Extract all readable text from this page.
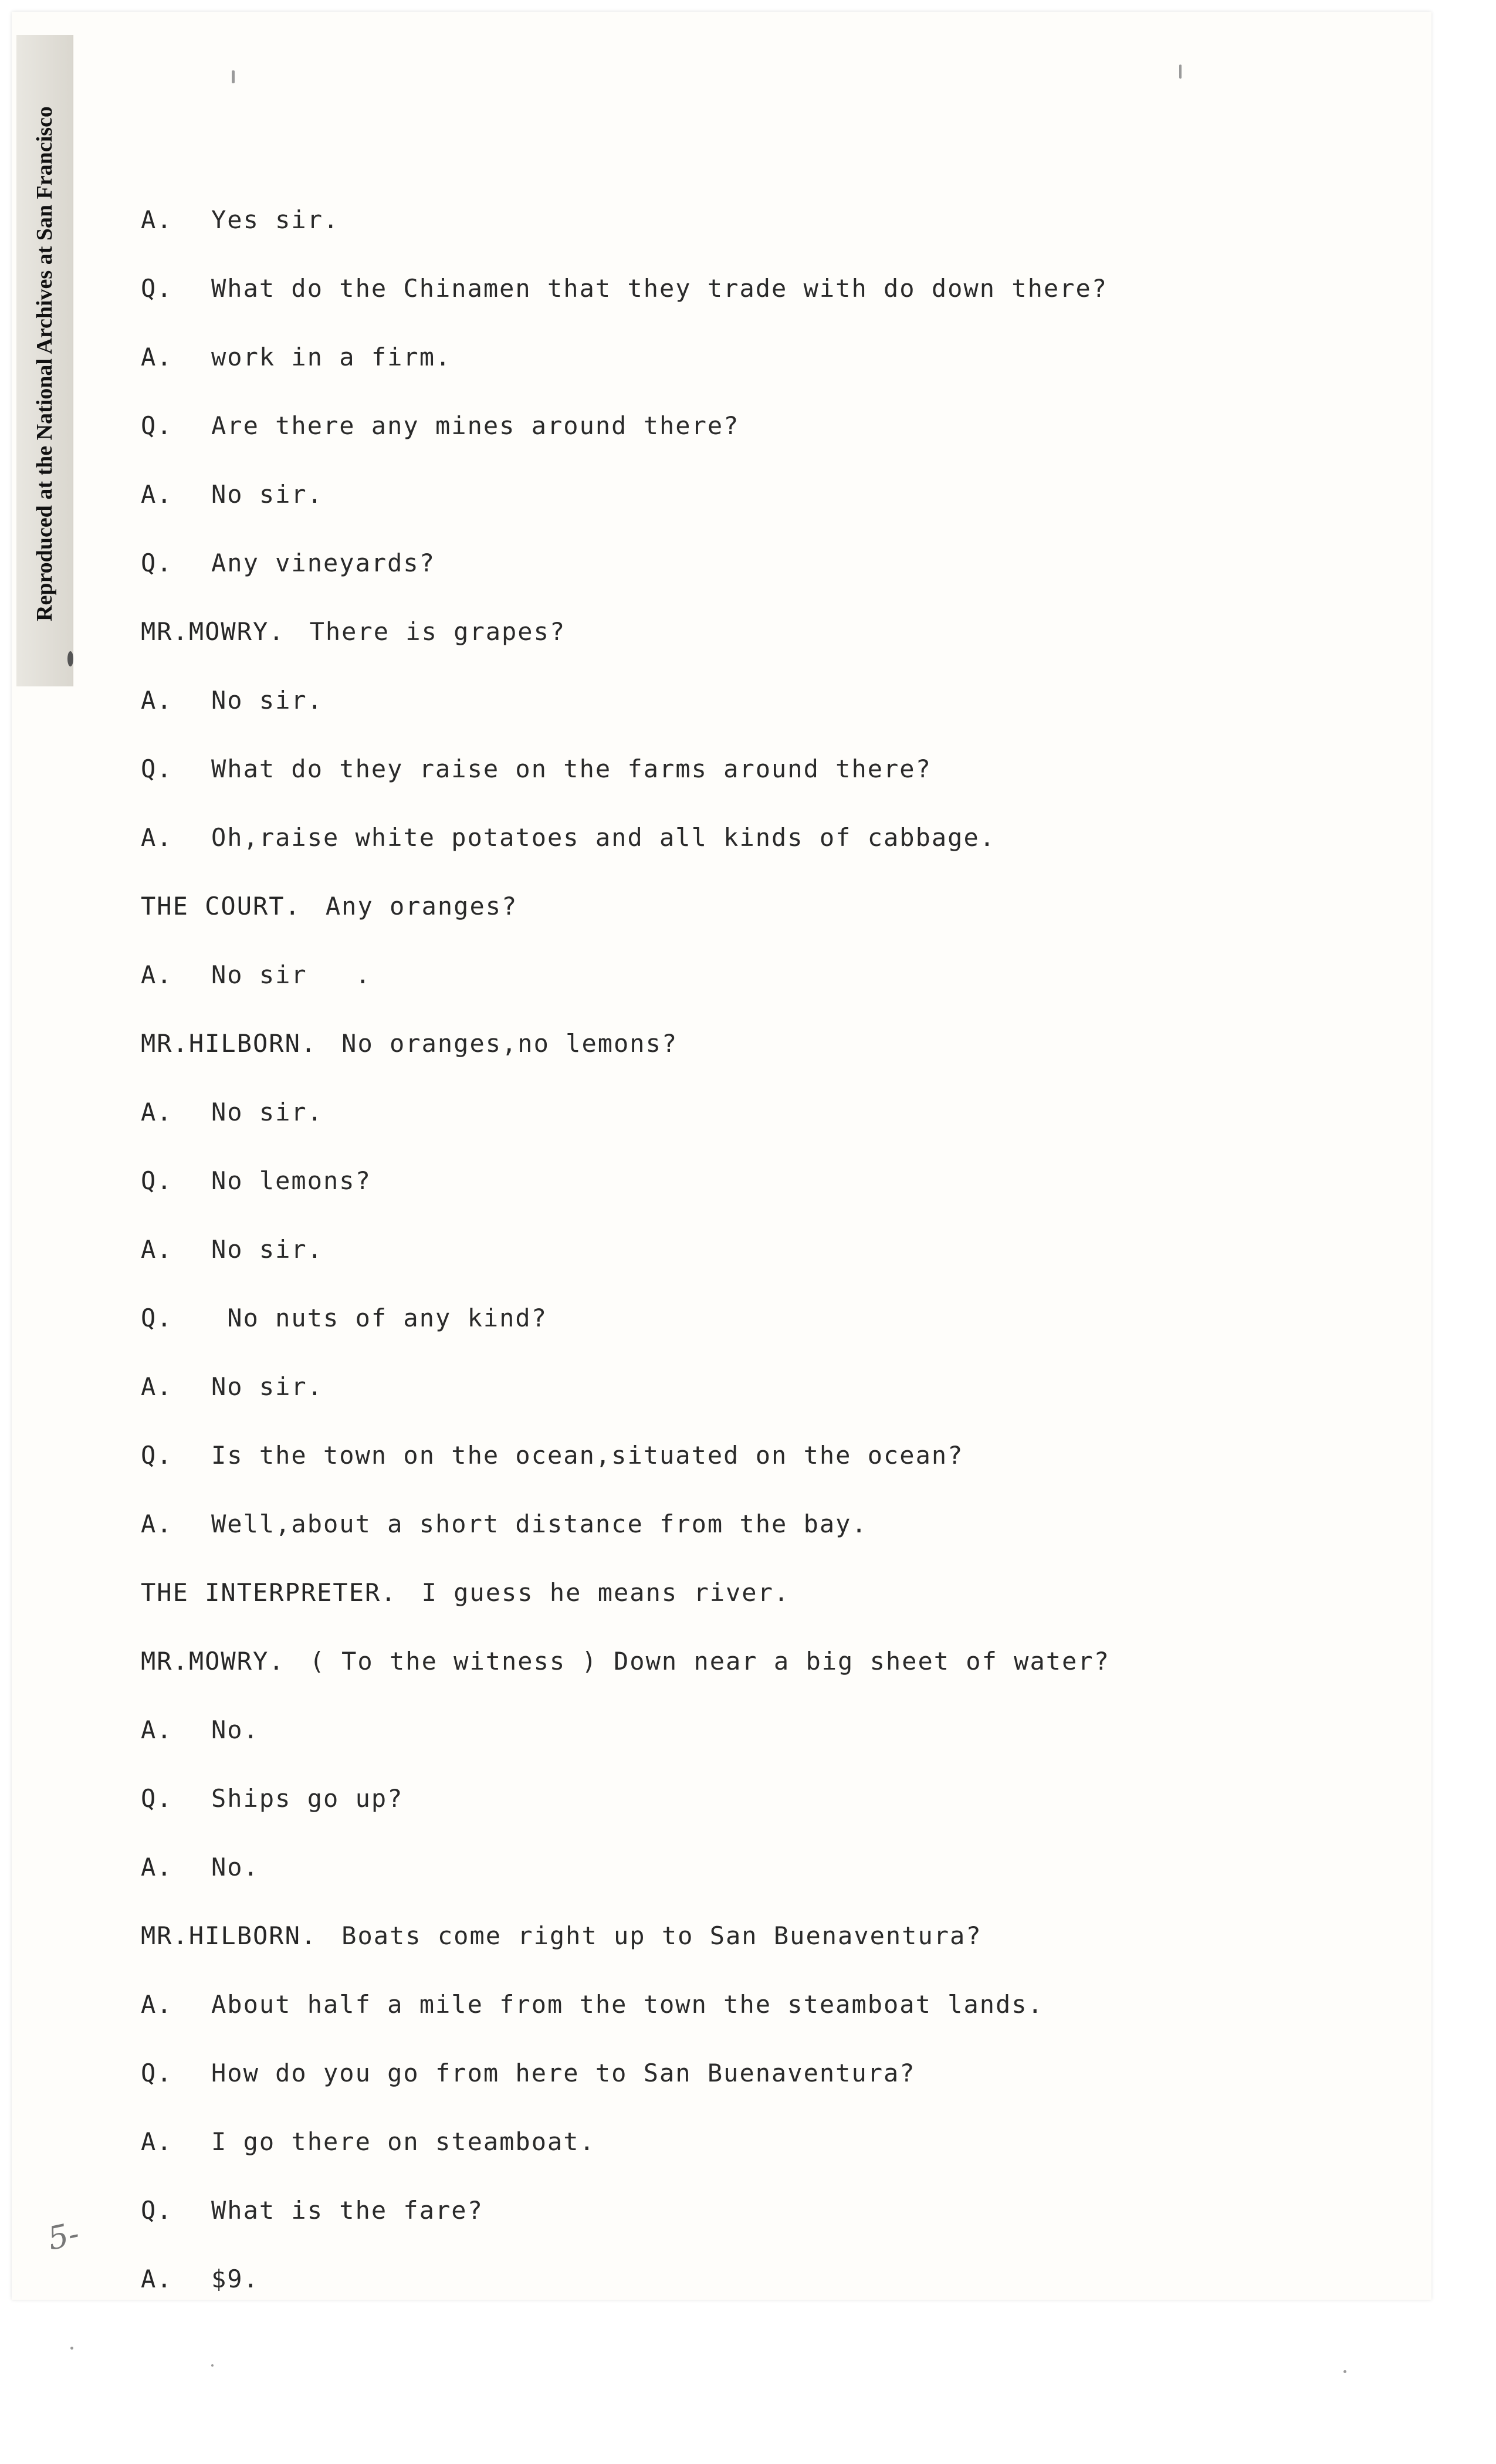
Reproduced at the National Archives at San Francisco	A. Yes sir.
Q. What do the Chinamen that they trade with do down there?
A. work in a firm.
Q. Are there any mines around there?
A. No sir.
Q. Any vineyards?
MR.MOWRY. There is grapes?
A. No sir.
Q. What do they raise on the farms around there?
A. Oh,raise white potatoes and all kinds of cabbage.
THE COURT. Any oranges?
A. No sir   .
MR.HILBORN. No oranges,no lemons?
A. No sir.
Q. No lemons?
A. No sir.
Q. No nuts of any kind?
A. No sir.
Q. Is the town on the ocean,situated on the ocean?
A. Well,about a short distance from the bay.
THE INTERPRETER. I guess he means river.
MR.MOWRY. ( To the witness ) Down near a big sheet of water?
A. No.
Q. Ships go up?
A. No.
MR.HILBORN. Boats come right up to San Buenaventura?
A. About half a mile from the town the steamboat lands.
Q. How do you go from here to San Buenaventura?
A. I go there on steamboat.
Q. What is the fare?
A. $9.
5-
